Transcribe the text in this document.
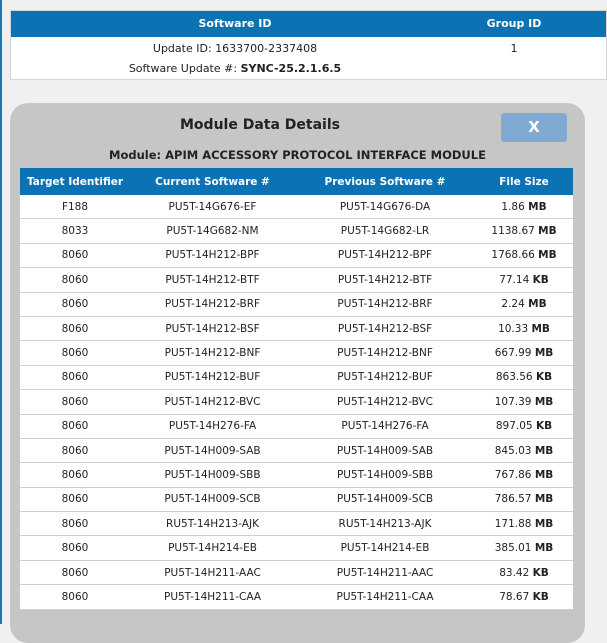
Software ID	Group ID
Update ID: 1633700-2337408
Software Update #: SYNC-25.2.1.6.5
1
Module Data Details	X
Module: APIM ACCESSORY PROTOCOL INTERFACE MODULE
Target Identifier	Current Software #	Previous Software #	File Size
F188	PU5T-14G676-EF	PU5T-14G676-DA	1.86 MB
8033	PU5T-14G682-NM	PU5T-14G682-LR	1138.67 MB
8060	PU5T-14H212-BPF	PU5T-14H212-BPF	1768.66 MB
8060	PU5T-14H212-BTF	PU5T-14H212-BTF	77.14 KB
8060	PU5T-14H212-BRF	PU5T-14H212-BRF	2.24 MB
8060	PU5T-14H212-BSF	PU5T-14H212-BSF	10.33 MB
8060	PU5T-14H212-BNF	PU5T-14H212-BNF	667.99 MB
8060	PU5T-14H212-BUF	PU5T-14H212-BUF	863.56 KB
8060	PU5T-14H212-BVC	PU5T-14H212-BVC	107.39 MB
8060	PU5T-14H276-FA	PU5T-14H276-FA	897.05 KB
8060	PU5T-14H009-SAB	PU5T-14H009-SAB	845.03 MB
8060	PU5T-14H009-SBB	PU5T-14H009-SBB	767.86 MB
8060	PU5T-14H009-SCB	PU5T-14H009-SCB	786.57 MB
8060	RU5T-14H213-AJK	RU5T-14H213-AJK	171.88 MB
8060	PU5T-14H214-EB	PU5T-14H214-EB	385.01 MB
8060	PU5T-14H211-AAC	PU5T-14H211-AAC	83.42 KB
8060	PU5T-14H211-CAA	PU5T-14H211-CAA	78.67 KB
